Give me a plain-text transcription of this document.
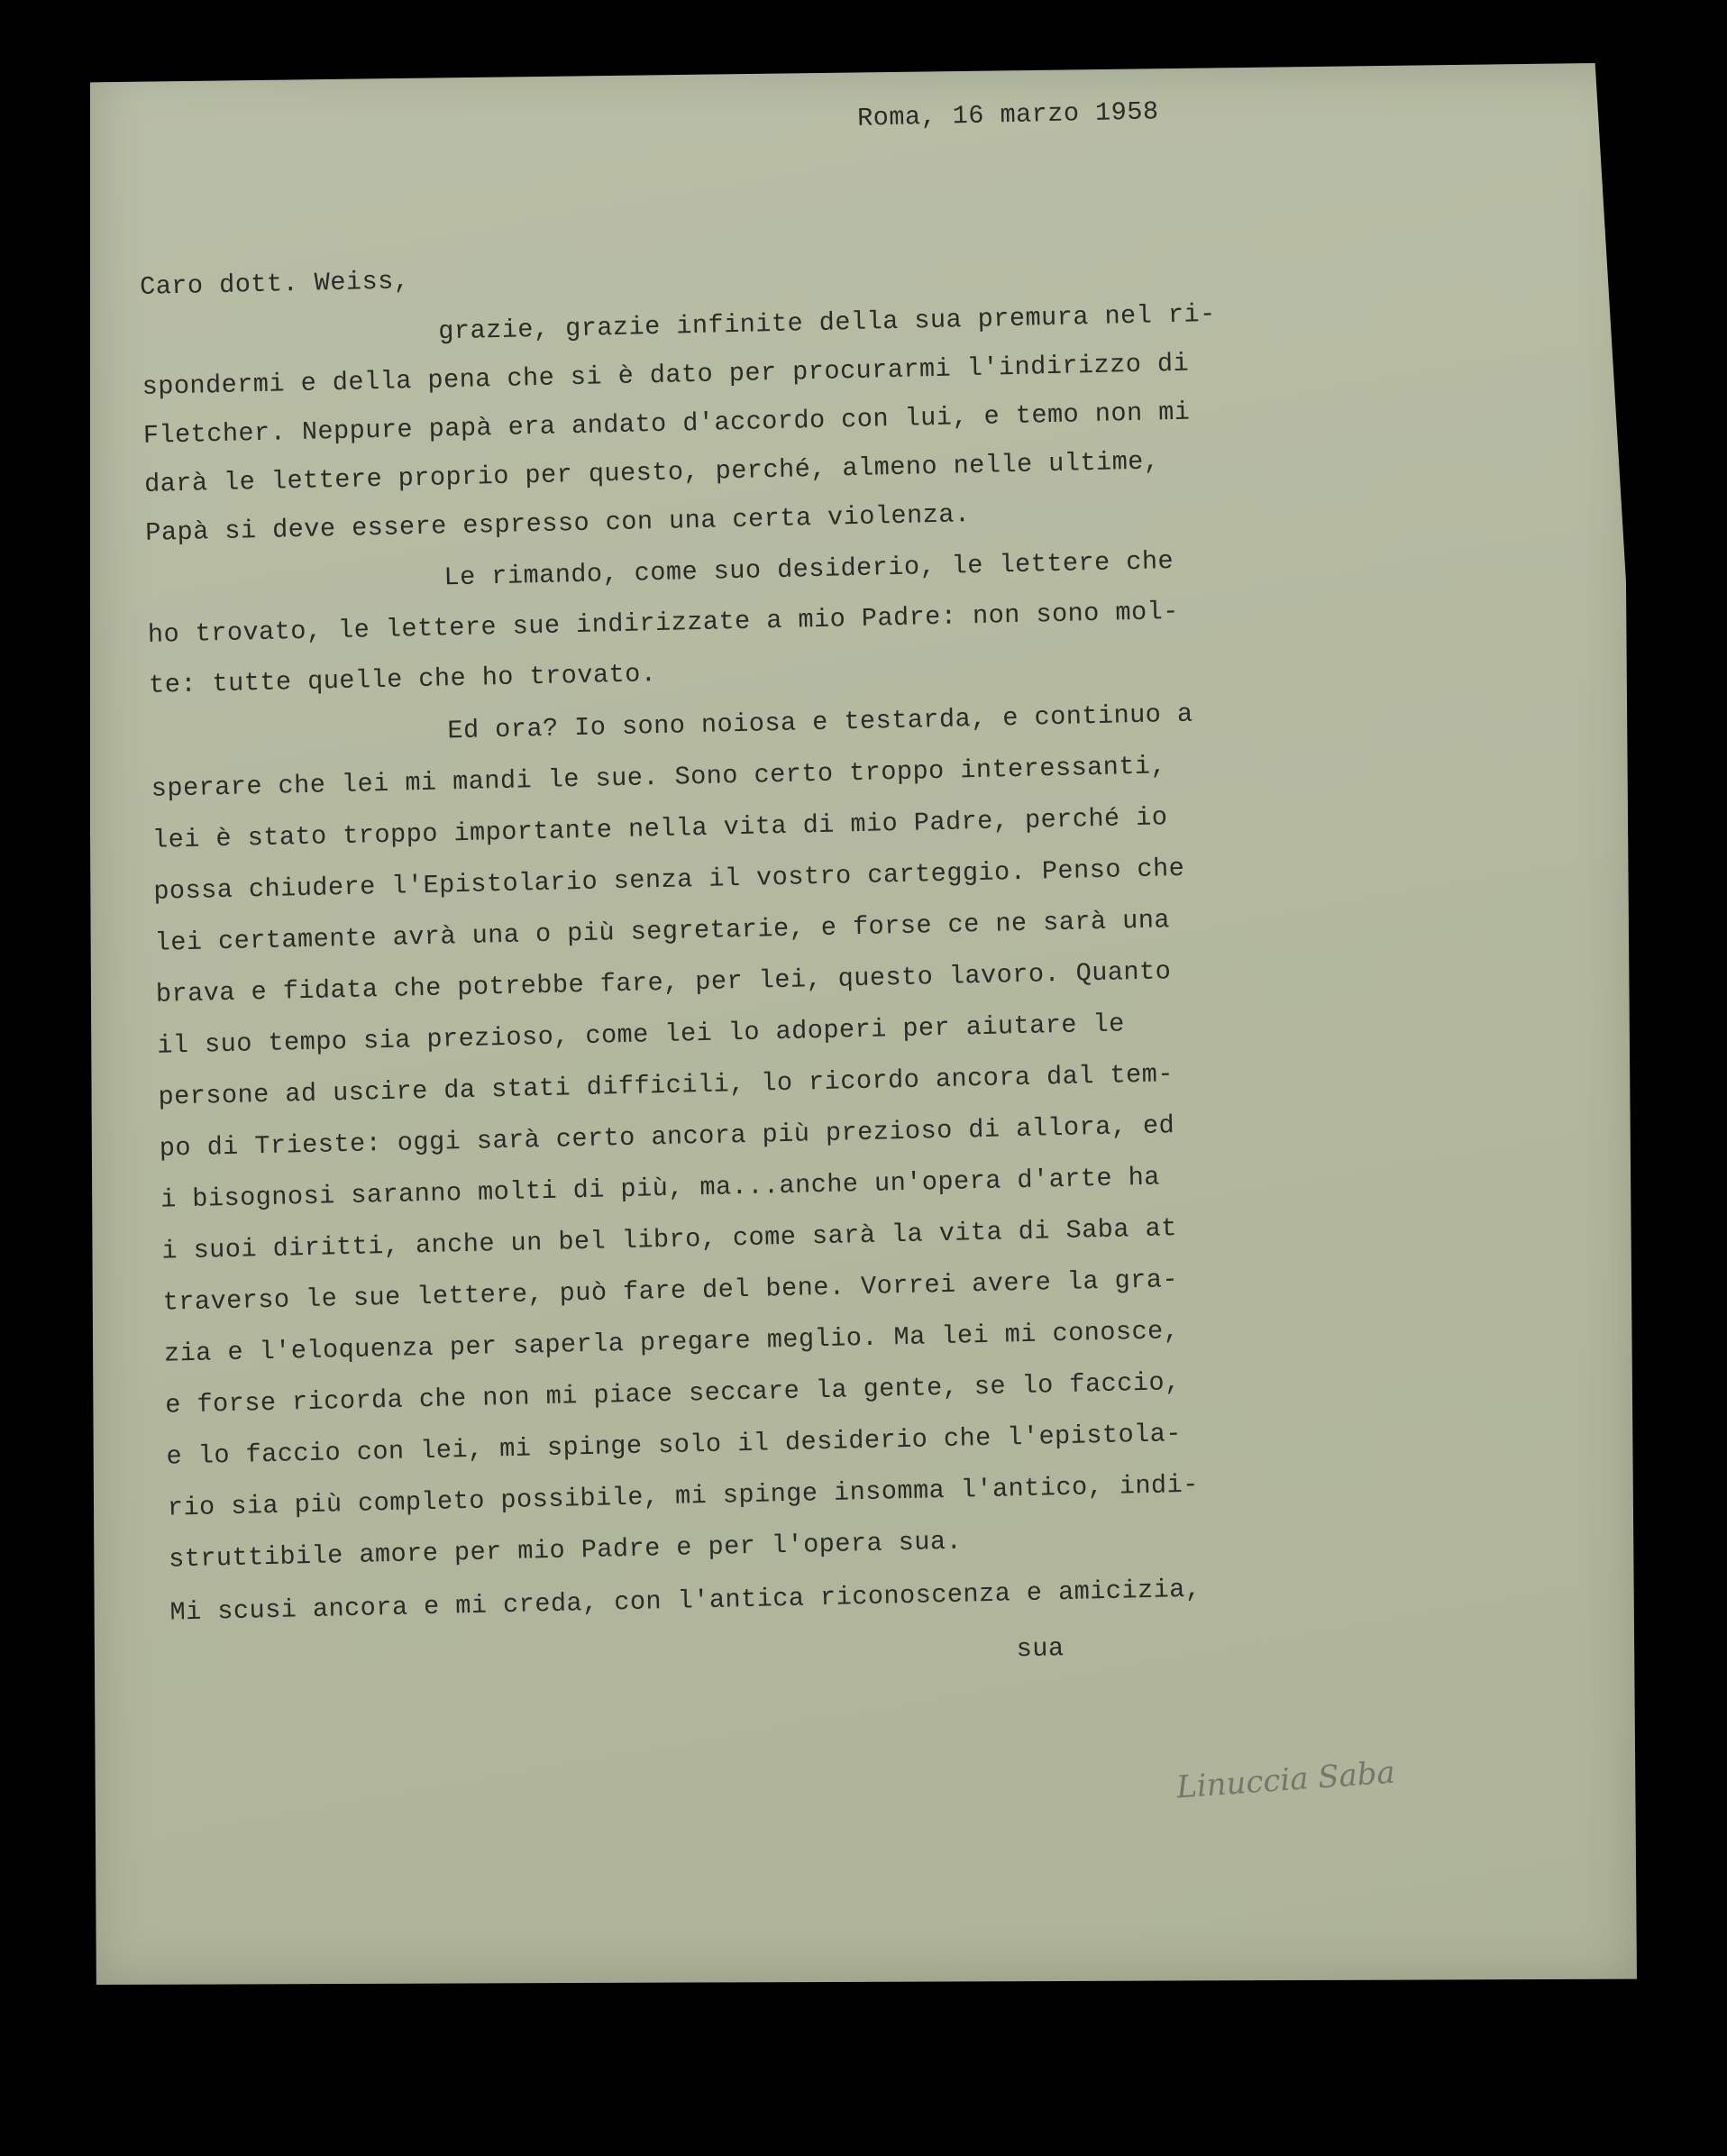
Roma, 16 marzo 1958
Caro dott. Weiss,
grazie, grazie infinite della sua premura nel ri-
spondermi e della pena che si è dato per procurarmi l'indirizzo di
Fletcher. Neppure papà era andato d'accordo con lui, e temo non mi
darà le lettere proprio per questo, perché, almeno nelle ultime,
Papà si deve essere espresso con una certa violenza.
Le rimando, come suo desiderio, le lettere che
ho trovato, le lettere sue indirizzate a mio Padre: non sono mol-
te: tutte quelle che ho trovato.
Ed ora? Io sono noiosa e testarda, e continuo a
sperare che lei mi mandi le sue. Sono certo troppo interessanti,
lei è stato troppo importante nella vita di mio Padre, perché io
possa chiudere l'Epistolario senza il vostro carteggio. Penso che
lei certamente avrà una o più segretarie, e forse ce ne sarà una
brava e fidata che potrebbe fare, per lei, questo lavoro. Quanto
il suo tempo sia prezioso, come lei lo adoperi per aiutare le
persone ad uscire da stati difficili, lo ricordo ancora dal tem-
po di Trieste: oggi sarà certo ancora più prezioso di allora, ed
i bisognosi saranno molti di più, ma...anche un'opera d'arte ha
i suoi diritti, anche un bel libro, come sarà la vita di Saba at
traverso le sue lettere, può fare del bene. Vorrei avere la gra-
zia e l'eloquenza per saperla pregare meglio. Ma lei mi conosce,
e forse ricorda che non mi piace seccare la gente, se lo faccio,
e lo faccio con lei, mi spinge solo il desiderio che l'epistola-
rio sia più completo possibile, mi spinge insomma l'antico, indi-
struttibile amore per mio Padre e per l'opera sua.
Mi scusi ancora e mi creda, con l'antica riconoscenza e amicizia,
sua
Linuccia Saba
